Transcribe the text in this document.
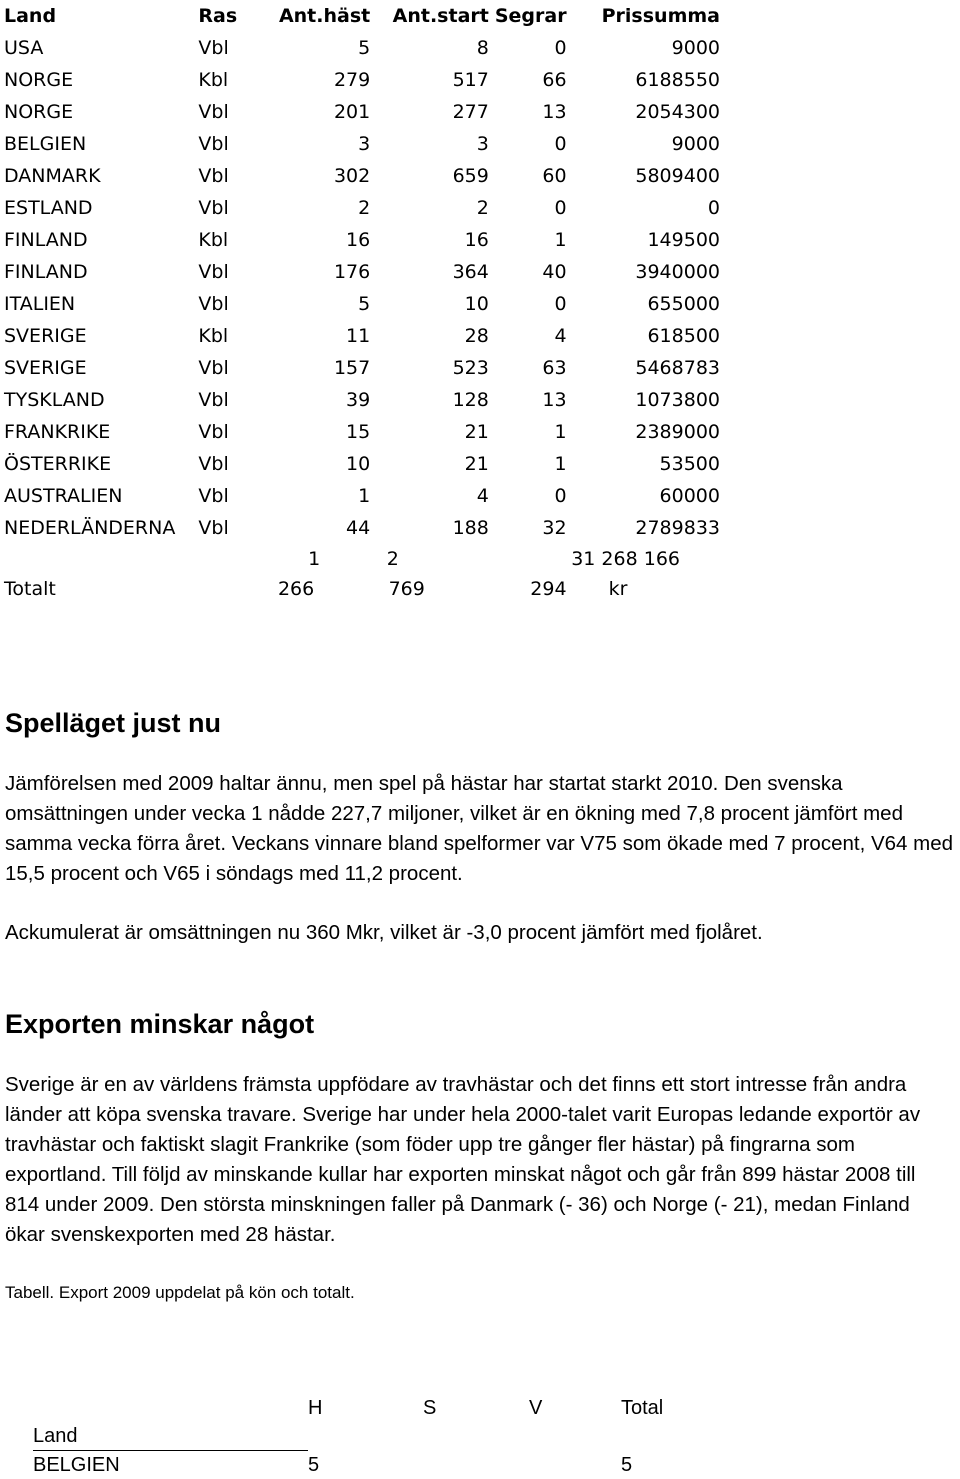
Land	Ras	Ant.häst	Ant.start	Segrar	Prissumma
USA	Vbl	5	8	0	9000
NORGE	Kbl	279	517	66	6188550
NORGE	Vbl	201	277	13	2054300
BELGIEN	Vbl	3	3	0	9000
DANMARK	Vbl	302	659	60	5809400
ESTLAND	Vbl	2	2	0	0
FINLAND	Kbl	16	16	1	149500
FINLAND	Vbl	176	364	40	3940000
ITALIEN	Vbl	5	10	0	655000
SVERIGE	Kbl	11	28	4	618500
SVERIGE	Vbl	157	523	63	5468783
TYSKLAND	Vbl	39	128	13	1073800
FRANKRIKE	Vbl	15	21	1	2389000
ÖSTERRIKE	Vbl	10	21	1	53500
AUSTRALIEN	Vbl	1	4	0	60000
NEDERLÄNDERNA	Vbl	44	188	32	2789833
		1	2		31 268 166
Totalt		266	769	294	kr
Spelläget just nu

Jämförelsen med 2009 haltar ännu, men spel på hästar har startat starkt 2010. Den svenska omsättningen under vecka 1 nådde 227,7 miljoner, vilket är en ökning med 7,8 procent jämfört med samma vecka förra året. Veckans vinnare bland spelformer var V75 som ökade med 7 procent, V64 med 15,5 procent och V65 i söndags med 11,2 procent.

Ackumulerat är omsättningen nu 360 Mkr, vilket är -3,0 procent jämfört med fjolåret.

Exporten minskar något

Sverige är en av världens främsta uppfödare av travhästar och det finns ett stort intresse från andra länder att köpa svenska travare. Sverige har under hela 2000-talet varit Europas ledande exportör av travhästar och faktiskt slagit Frankrike (som föder upp tre gånger fler hästar) på fingrarna som exportland. Till följd av minskande kullar har exporten minskat något och går från 899 hästar 2008 till 814 under 2009. Den största minskningen faller på Danmark (- 36) och Norge (- 21), medan Finland ökar svenskexporten med 28 hästar.

Tabell. Export 2009 uppdelat på kön och totalt.

	H	S	V	Total
Land				
BELGIEN	5			5
